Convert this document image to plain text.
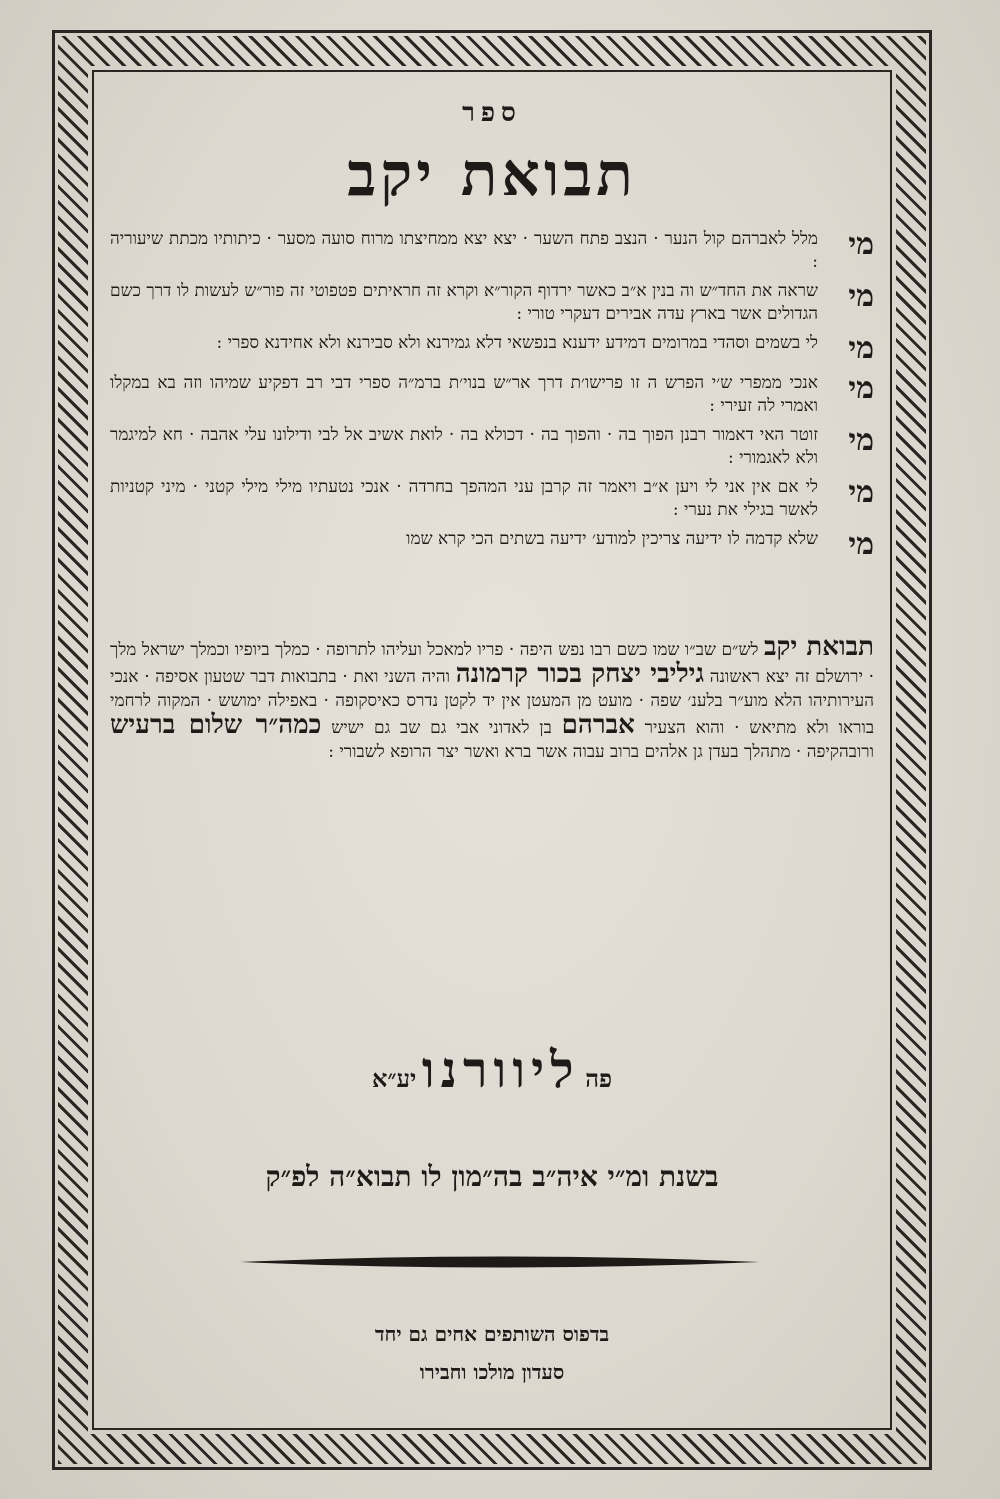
ספר
תבואת יקב
מי
מלל לאברהם קול הנער · הנצב פתח השער · יצא יצא ממחיצתו מרוח סועה מסער · כיתותיו מכתת שיעוריה :
מי
שראה את החד״ש וה בנין א״ב כאשר ירדוף הקור״א וקרא זה חראיתים פטפוטי זה פור״ש לעשות לו דרך כשם הגדולים אשר בארץ עדה אבירים דעקרי טורי :
מי
לי בשמים וסהדי במרומים דמידע ידענא בנפשאי דלא גמירנא ולא סבירנא ולא אחידנא ספרי :
מי
אנכי ממפרי ש׳י הפרש ה זו פרישו׳ת דרך אר״ש בנוי׳ת ברמ״ה ספרי דבי רב דפקיע שמיהו וזה בא במקלו ואמרי לה זעירי :
מי
זוטר האי דאמור רבנן הפוך בה · והפוך בה · דכולא בה · לואת אשיב אל לבי ודילונו עלי אהבה · חא למיגמר ולא לאגמורי :
מי
לי אם אין אני לי ויען א״ב ויאמר זה קרבן עני המהפך בחרדה · אנכי נטעתיו מילי מילי קטני · מיני קטניות לאשר בגילי את נערי :
מי
שלא קדמה לו ידיעה צריכין למודע׳ ידיעה בשתים הכי קרא שמו
תבואת יקב לש״ם שב״ו שמו כשם רבו נפש היפה · פריו למאכל ועליהו לתרופה · כמלך ביופיו וכמלך ישראל מלך · ירושלם זה יצא ראשונה גיליבי יצחק בכור קרמונה והיה השני ואת · בתבואות דבר שטעון אסיפה · אנכי העירותיהו הלא מוע״ר בלענ׳ שפה · מועט מן המעטן אין יד לקטן נדרס כאיסקופה · באפילה ימושש · המקוה לרחמי בוראו ולא מתיאש · והוא הצעיר אברהם בן לאדוני אבי גם שב גם ישיש כמה״ר שלום ברעיש ורובהקיפה · מתהלך בעדן גן אלהים ברוב עבוה אשר ברא ואשר יצר הרופא לשבורי :
פה ליוורנו יע״א
בשנת ומ״י איה״ב בה״מון לו תבוא״ה לפ״ק
בדפוס השותפים אחים גם יחד
סעדון מולכו וחבירו
